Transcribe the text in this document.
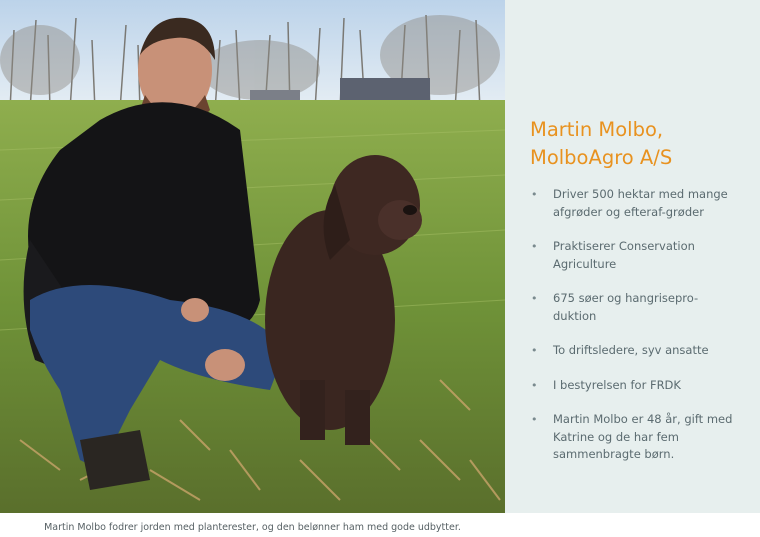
Martin Molbo,
MolboAgro A/S
• Driver 500 hektar med mange afgrøder og efteraf-grøder
• Praktiserer Conservation Agriculture
• 675 søer og hangrisepro-duktion
• To driftsledere, syv ansatte
• I bestyrelsen for FRDK
• Martin Molbo er 48 år, gift med Katrine og de har fem sammenbragte børn.
Martin Molbo fodrer jorden med planterester, og den belønner ham med gode udbytter.
